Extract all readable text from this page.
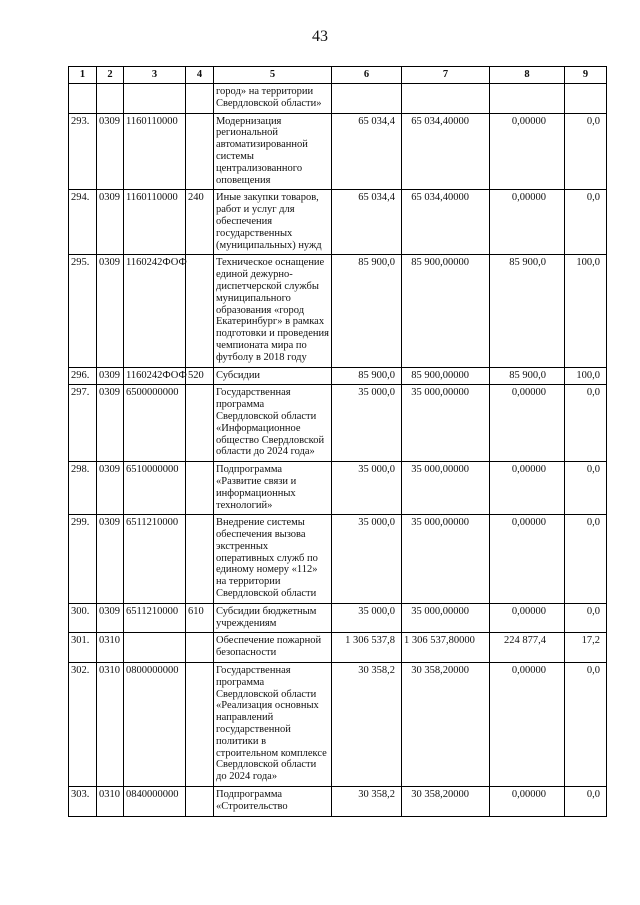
43
1	2	3	4	5	6	7	8	9
				город» на территории Свердловской области»				
293.	0309	1160110000		Модернизация региональной автоматизированной системы централизованного оповещения	65 034,4	65 034,40000	0,00000	0,0
294.	0309	1160110000	240	Иные закупки товаров, работ и услуг для обеспечения государственных (муниципальных) нужд	65 034,4	65 034,40000	0,00000	0,0
295.	0309	1160242ФОФ		Техническое оснащение единой дежурно-диспетчерской службы муниципального образования «город Екатеринбург» в рамках подготовки и проведения чемпионата мира по футболу в 2018 году	85 900,0	85 900,00000	85 900,0	100,0
296.	0309	1160242ФОФ	520	Субсидии	85 900,0	85 900,00000	85 900,0	100,0
297.	0309	6500000000		Государственная программа Свердловской области «Информационное общество Свердловской области до 2024 года»	35 000,0	35 000,00000	0,00000	0,0
298.	0309	6510000000		Подпрограмма «Развитие связи и информационных технологий»	35 000,0	35 000,00000	0,00000	0,0
299.	0309	6511210000		Внедрение системы обеспечения вызова экстренных оперативных служб по единому номеру «112» на территории Свердловской области	35 000,0	35 000,00000	0,00000	0,0
300.	0309	6511210000	610	Субсидии бюджетным учреждениям	35 000,0	35 000,00000	0,00000	0,0
301.	0310			Обеспечение пожарной безопасности	1 306 537,8	1 306 537,80000	224 877,4	17,2
302.	0310	0800000000		Государственная программа Свердловской области «Реализация основных направлений государственной политики в строительном комплексе Свердловской области до 2024 года»	30 358,2	30 358,20000	0,00000	0,0
303.	0310	0840000000		Подпрограмма «Строительство	30 358,2	30 358,20000	0,00000	0,0
